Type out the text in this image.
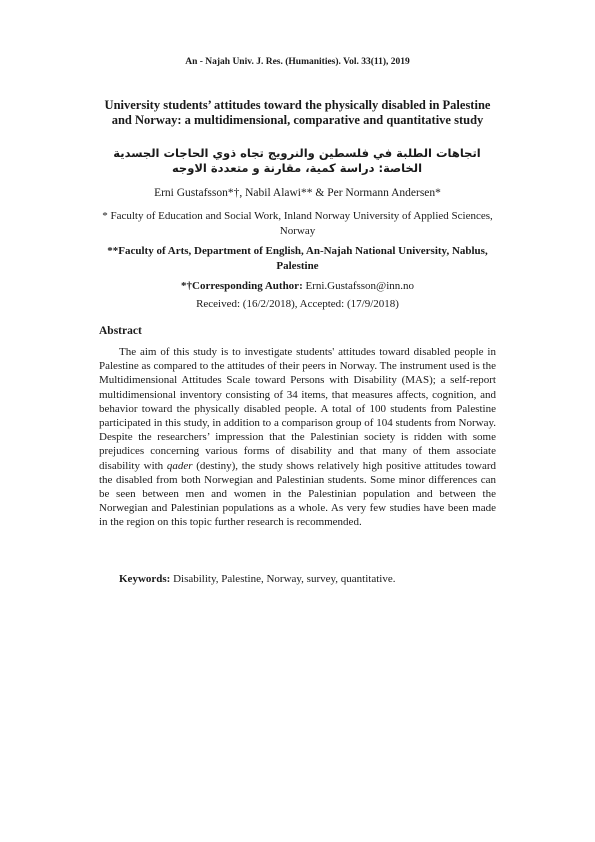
An - Najah Univ. J. Res. (Humanities). Vol. 33(11), 2019
University students’ attitudes toward the physically disabled in Palestine and Norway: a multidimensional, comparative and quantitative study
اتجاهات الطلبة في فلسطين والنرويج تجاه ذوي الحاجات الجسدية الخاصة: دراسة كمية، مقارنة و متعددة الاوجه
Erni Gustafsson*†, Nabil Alawi** & Per Normann Andersen*
* Faculty of Education and Social Work, Inland Norway University of Applied Sciences, Norway
**Faculty of Arts, Department of English, An-Najah National University, Nablus, Palestine
*†Corresponding Author: Erni.Gustafsson@inn.no
Received: (16/2/2018), Accepted: (17/9/2018)
Abstract

The aim of this study is to investigate students' attitudes toward disabled people in Palestine as compared to the attitudes of their peers in Norway. The instrument used is the Multidimensional Attitudes Scale toward Persons with Disability (MAS); a self-report multidimensional inventory consisting of 34 items, that measures affects, cognition, and behavior toward the physically disabled people. A total of 100 students from Palestine participated in this study, in addition to a comparison group of 104 students from Norway. Despite the researchers’ impression that the Palestinian society is ridden with some prejudices concerning various forms of disability and that many of them associate disability with qader (destiny), the study shows relatively high positive attitudes toward the disabled from both Norwegian and Palestinian students. Some minor differences can be seen between men and women in the Palestinian population and between the Norwegian and Palestinian populations as a whole. As very few studies have been made in the region on this topic further research is recommended.

Keywords: Disability, Palestine, Norway, survey, quantitative.
